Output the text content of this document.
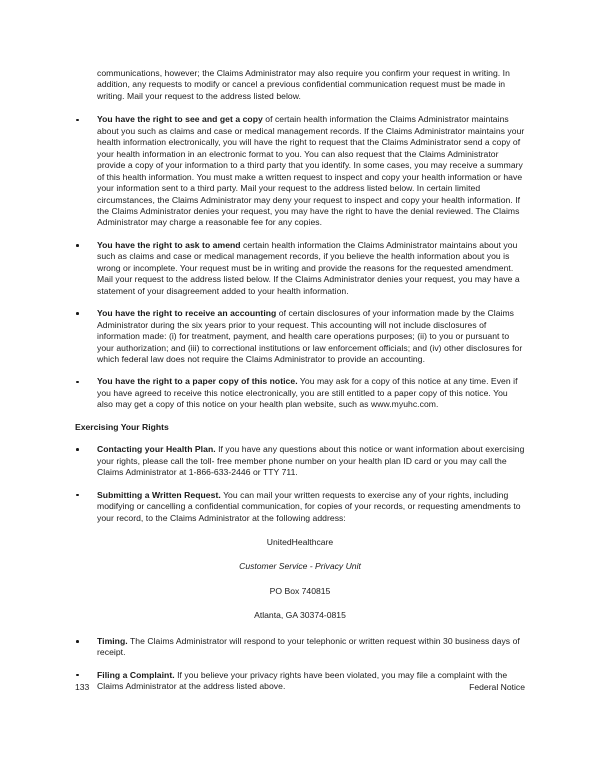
communications, however; the Claims Administrator may also require you confirm your request in writing. In addition, any requests to modify or cancel a previous confidential communication request must be made in writing. Mail your request to the address listed below.

You have the right to see and get a copy of certain health information the Claims Administrator maintains about you such as claims and case or medical management records. If the Claims Administrator maintains your health information electronically, you will have the right to request that the Claims Administrator send a copy of your health information in an electronic format to you. You can also request that the Claims Administrator provide a copy of your information to a third party that you identify. In some cases, you may receive a summary of this health information. You must make a written request to inspect and copy your health information or have your information sent to a third party. Mail your request to the address listed below. In certain limited circumstances, the Claims Administrator may deny your request to inspect and copy your health information. If the Claims Administrator denies your request, you may have the right to have the denial reviewed. The Claims Administrator may charge a reasonable fee for any copies.
You have the right to ask to amend certain health information the Claims Administrator maintains about you such as claims and case or medical management records, if you believe the health information about you is wrong or incomplete. Your request must be in writing and provide the reasons for the requested amendment. Mail your request to the address listed below. If the Claims Administrator denies your request, you may have a statement of your disagreement added to your health information.
You have the right to receive an accounting of certain disclosures of your information made by the Claims Administrator during the six years prior to your request. This accounting will not include disclosures of information made: (i) for treatment, payment, and health care operations purposes; (ii) to you or pursuant to your authorization; and (iii) to correctional institutions or law enforcement officials; and (iv) other disclosures for which federal law does not require the Claims Administrator to provide an accounting.
You have the right to a paper copy of this notice. You may ask for a copy of this notice at any time. Even if you have agreed to receive this notice electronically, you are still entitled to a paper copy of this notice. You also may get a copy of this notice on your health plan website, such as www.myuhc.com.
Exercising Your Rights
Contacting your Health Plan. If you have any questions about this notice or want information about exercising your rights, please call the toll- free member phone number on your health plan ID card or you may call the Claims Administrator at 1-866-633-2446 or TTY 711.
Submitting a Written Request. You can mail your written requests to exercise any of your rights, including modifying or cancelling a confidential communication, for copies of your records, or requesting amendments to your record, to the Claims Administrator at the following address:
UnitedHealthcare
Customer Service - Privacy Unit
PO Box 740815
Atlanta, GA 30374-0815
Timing. The Claims Administrator will respond to your telephonic or written request within 30 business days of receipt.
Filing a Complaint. If you believe your privacy rights have been violated, you may file a complaint with the Claims Administrator at the address listed above.
133	Federal Notice
